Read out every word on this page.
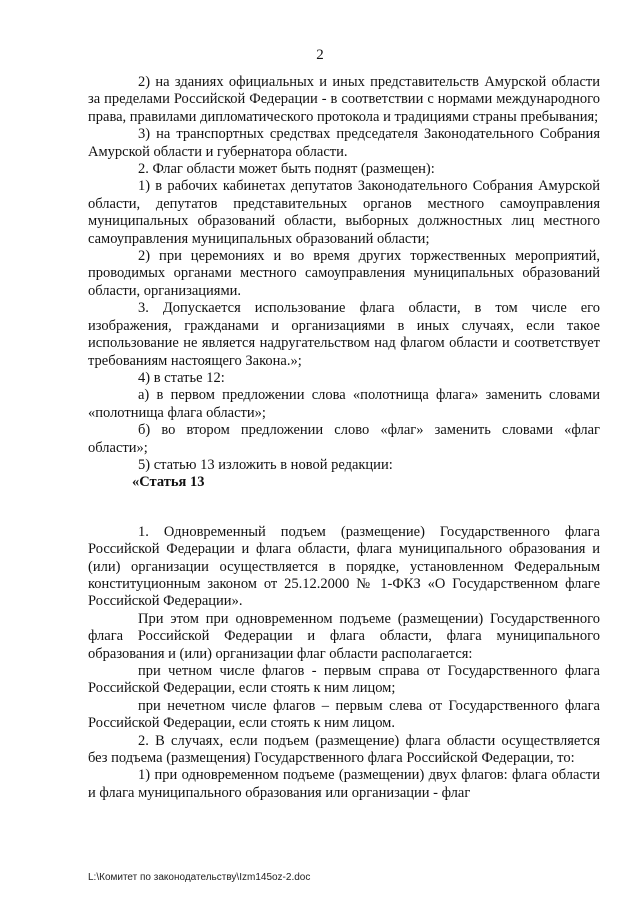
2

2) на зданиях официальных и иных представительств Амурской области за пределами Российской Федерации - в соответствии с нормами международного права, правилами дипломатического протокола и традициями страны пребывания;

3) на транспортных средствах председателя Законодательного Собрания Амурской области и губернатора области.

2. Флаг области может быть поднят (размещен):

1) в рабочих кабинетах депутатов Законодательного Собрания Амурской области, депутатов представительных органов местного самоуправления муниципальных образований области, выборных должностных лиц местного самоуправления муниципальных образований области;

2) при церемониях и во время других торжественных мероприятий, проводимых органами местного самоуправления муниципальных образований области, организациями.

3. Допускается использование флага области, в том числе его изображения, гражданами и организациями в иных случаях, если такое использование не является надругательством над флагом области и соответствует требованиям настоящего Закона.»;

4) в статье 12:

а) в первом предложении слова «полотнища флага» заменить словами «полотнища флага области»;

б) во втором предложении слово «флаг» заменить словами «флаг области»;

5) статью 13 изложить в новой редакции:

«Статья 13

1. Одновременный подъем (размещение) Государственного флага Российской Федерации и флага области, флага муниципального образования и (или) организации осуществляется в порядке, установленном Федеральным конституционным законом от 25.12.2000 № 1-ФКЗ «О Государственном флаге Российской Федерации».

При этом при одновременном подъеме (размещении) Государственного флага Российской Федерации и флага области, флага муниципального образования и (или) организации флаг области располагается:

при четном числе флагов - первым справа от Государственного флага Российской Федерации, если стоять к ним лицом;

при нечетном числе флагов – первым слева от Государственного флага Российской Федерации, если стоять к ним лицом.

2. В случаях, если подъем (размещение) флага области осуществляется без подъема (размещения) Государственного флага Российской Федерации, то:

1) при одновременном подъеме (размещении) двух флагов: флага области и флага муниципального образования или организации - флаг

L:\Комитет по законодательству\Izm145oz-2.doc
